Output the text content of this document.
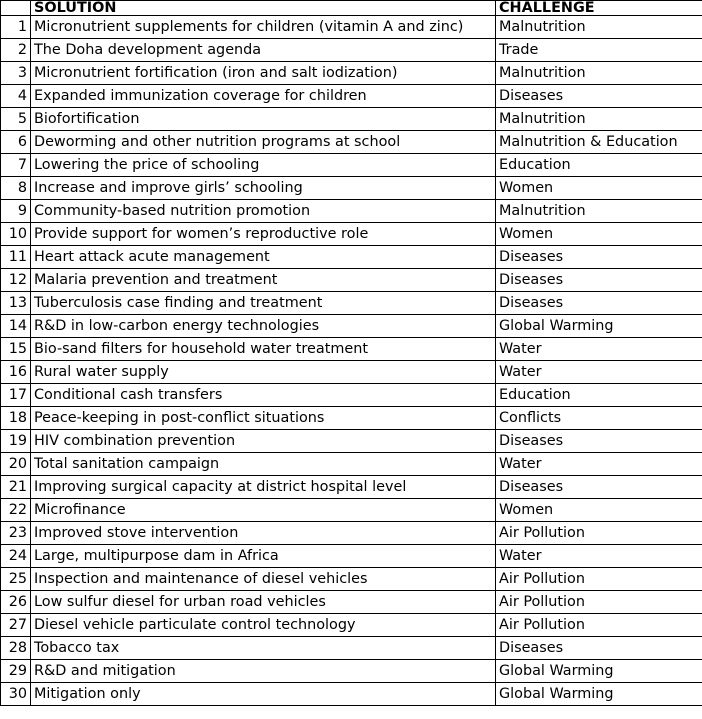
	SOLUTION	CHALLENGE
1	Micronutrient supplements for children (vitamin A and zinc)	Malnutrition
2	The Doha development agenda	Trade
3	Micronutrient fortification (iron and salt iodization)	Malnutrition
4	Expanded immunization coverage for children	Diseases
5	Biofortification	Malnutrition
6	Deworming and other nutrition programs at school	Malnutrition & Education
7	Lowering the price of schooling	Education
8	Increase and improve girls’ schooling	Women
9	Community-based nutrition promotion	Malnutrition
10	Provide support for women’s reproductive role	Women
11	Heart attack acute management	Diseases
12	Malaria prevention and treatment	Diseases
13	Tuberculosis case finding and treatment	Diseases
14	R&D in low-carbon energy technologies	Global Warming
15	Bio-sand filters for household water treatment	Water
16	Rural water supply	Water
17	Conditional cash transfers	Education
18	Peace-keeping in post-conflict situations	Conflicts
19	HIV combination prevention	Diseases
20	Total sanitation campaign	Water
21	Improving surgical capacity at district hospital level	Diseases
22	Microfinance	Women
23	Improved stove intervention	Air Pollution
24	Large, multipurpose dam in Africa	Water
25	Inspection and maintenance of diesel vehicles	Air Pollution
26	Low sulfur diesel for urban road vehicles	Air Pollution
27	Diesel vehicle particulate control technology	Air Pollution
28	Tobacco tax	Diseases
29	R&D and mitigation	Global Warming
30	Mitigation only	Global Warming
